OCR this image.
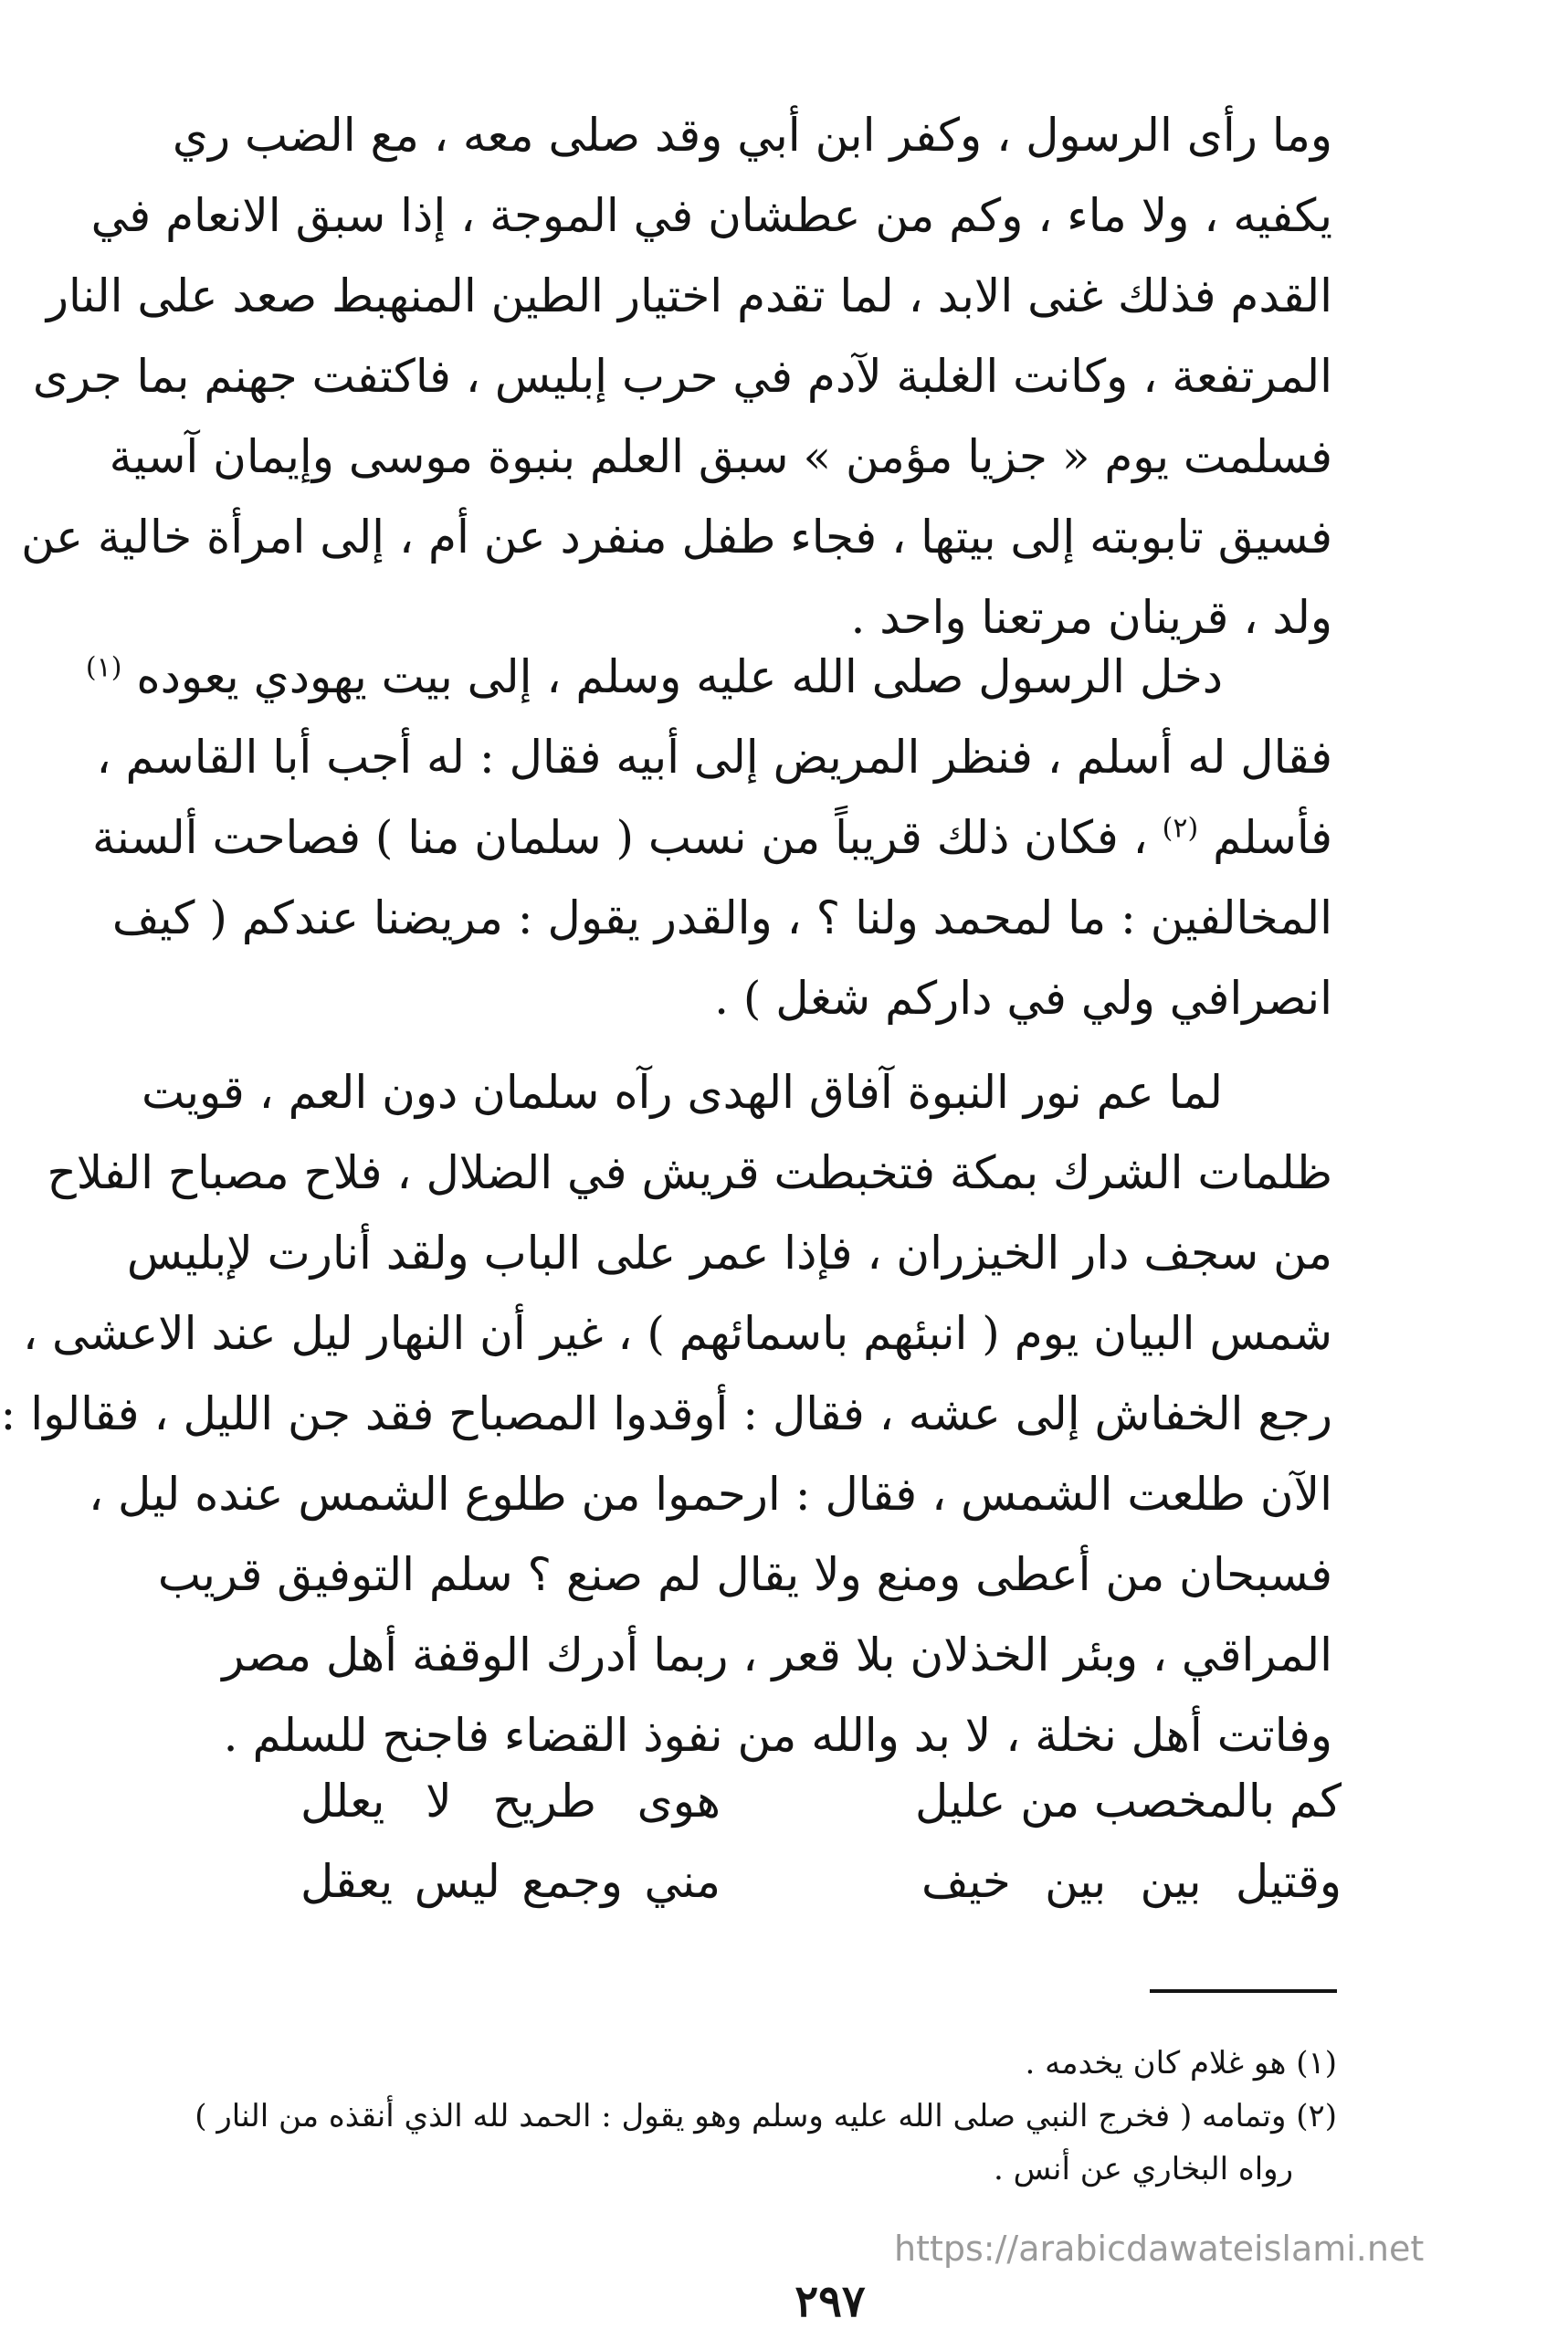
وما رأى الرسول ، وكفر ابن أبي وقد صلى معه ، مع الضب ري
يكفيه ، ولا ماء ، وكم من عطشان في الموجة ، إذا سبق الانعام في
القدم فذلك غنى الابد ، لما تقدم اختيار الطين المنهبط صعد على النار
المرتفعة ، وكانت الغلبة لآدم في حرب إبليس ، فاكتفت جهنم بما جرى
فسلمت يوم « جزيا مؤمن » سبق العلم بنبوة موسى وإيمان آسية
فسيق تابوبته إلى بيتها ، فجاء طفل منفرد عن أم ، إلى امرأة خالية عن
ولد ، قرينان مرتعنا واحد .
دخل الرسول صلى الله عليه وسلم ، إلى بيت يهودي يعوده $^{(١)}$
فقال له أسلم ، فنظر المريض إلى أبيه فقال : له أجب أبا القاسم ،
فأسلم $^{(٢)}$ ، فكان ذلك قريباً من نسب ( سلمان منا ) فصاحت ألسنة
المخالفين : ما لمحمد ولنا ؟ ، والقدر يقول : مريضنا عندكم ( كيف
انصرافي ولي في داركم شغل ) .
لما عم نور النبوة آفاق الهدى رآه سلمان دون العم ، قويت
ظلمات الشرك بمكة فتخبطت قريش في الضلال ، فلاح مصباح الفلاح
من سجف دار الخيزران ، فإذا عمر على الباب ولقد أنارت لإبليس
شمس البيان يوم ( انبئهم باسمائهم ) ، غير أن النهار ليل عند الاعشى ،
رجع الخفاش إلى عشه ، فقال : أوقدوا المصباح فقد جن الليل ، فقالوا :
الآن طلعت الشمس ، فقال : ارحموا من طلوع الشمس عنده ليل ،
فسبحان من أعطى ومنع ولا يقال لم صنع ؟ سلم التوفيق قريب
المراقي ، وبئر الخذلان بلا قعر ، ربما أدرك الوقفة أهل مصر
وفاتت أهل نخلة ، لا بد والله من نفوذ القضاء فاجنح للسلم .
كم بالمخصب من عليل
هوى طريح لا يعلل
وقتيل بين بين خيف
مني وجمع ليس يعقل
(١) هو غلام كان يخدمه .
(٢) وتمامه ( فخرج النبي صلى الله عليه وسلم وهو يقول : الحمد لله الذي أنقذه من النار )
رواه البخاري عن أنس .
https://arabicdawateislami.net
٢٩٧
